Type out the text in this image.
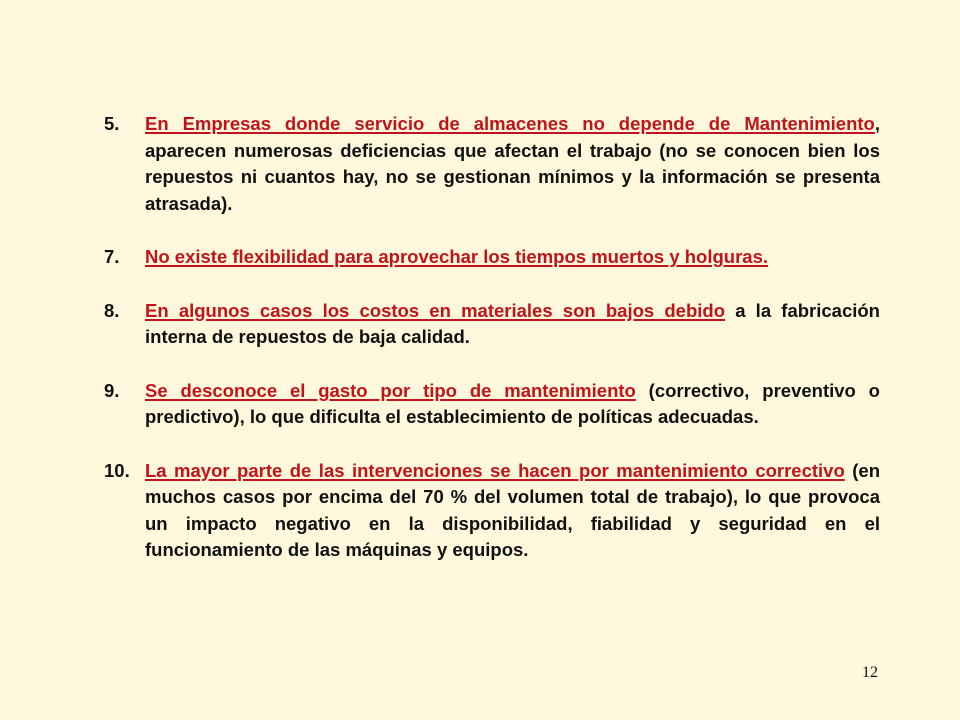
5. En Empresas donde servicio de almacenes no depende de Mantenimiento, aparecen numerosas deficiencias que afectan el trabajo (no se conocen bien los repuestos ni cuantos hay, no se gestionan mínimos y la información se presenta atrasada).
7. No existe flexibilidad para aprovechar los tiempos muertos y holguras.
8. En algunos casos los costos en materiales son bajos debido a la fabricación interna de repuestos de baja calidad.
9. Se desconoce el gasto por tipo de mantenimiento (correctivo, preventivo o predictivo), lo que dificulta el establecimiento de políticas adecuadas.
10. La mayor parte de las intervenciones se hacen por mantenimiento correctivo (en muchos casos por encima del 70 % del volumen total de trabajo), lo que provoca un impacto negativo en la disponibilidad, fiabilidad y seguridad en el funcionamiento de las máquinas y equipos.
12
